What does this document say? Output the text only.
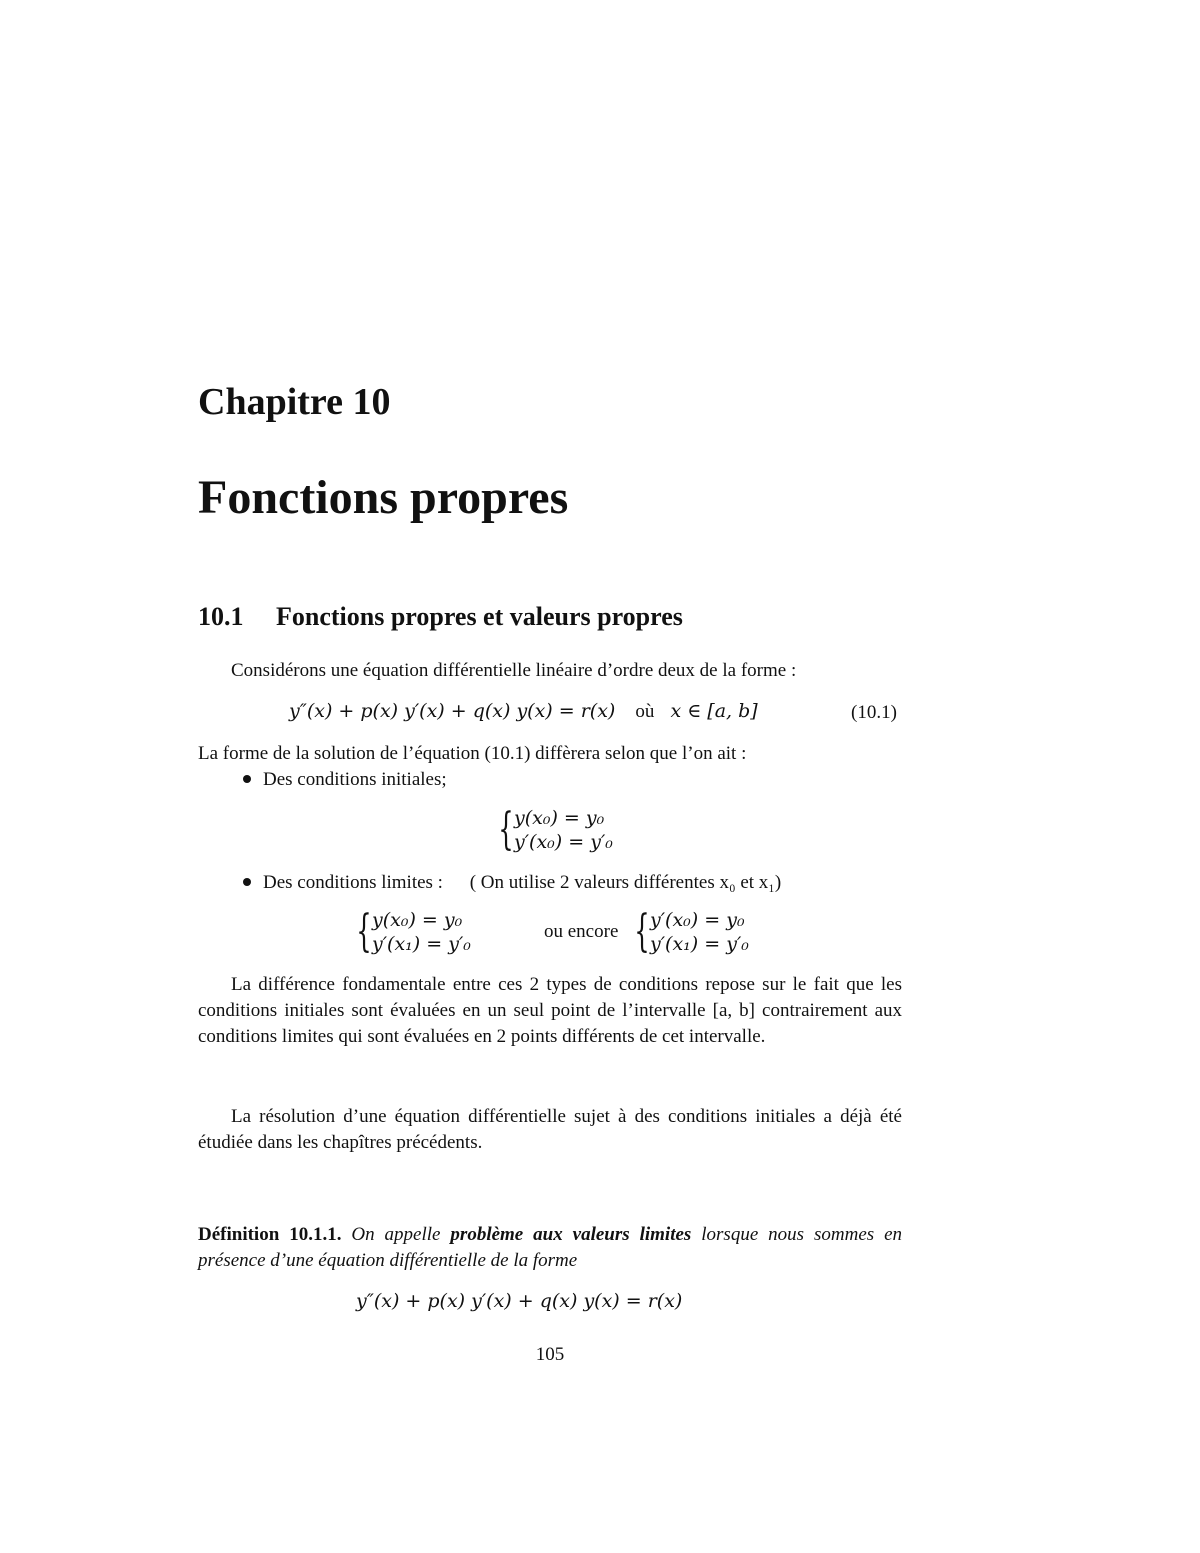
Chapitre 10
Fonctions propres
10.1 Fonctions propres et valeurs propres
Considérons une équation différentielle linéaire d’ordre deux de la forme :
y″(x) + p(x) y′(x) + q(x) y(x) = r(x) où x ∈ [a, b]	(10.1)
La forme de la solution de l’équation (10.1) diffèrera selon que l’on ait :
Des conditions initiales;
{ y(x₀) = y₀
y′(x₀) = y′₀
Des conditions limites : ( On utilise 2 valeurs différentes x₀ et x₁)
{ y(x₀) = y₀
y′(x₁) = y′₀
ou encore { y′(x₀) = y₀
y′(x₁) = y′₀
La différence fondamentale entre ces 2 types de conditions repose sur le fait que les conditions initiales sont évaluées en un seul point de l’intervalle [a, b] contrairement aux conditions limites qui sont évaluées en 2 points différents de cet intervalle.
La résolution d’une équation différentielle sujet à des conditions initiales a déjà été étudiée dans les chapîtres précédents.
Définition 10.1.1. On appelle problème aux valeurs limites lorsque nous sommes en présence d’une équation différentielle de la forme
y″(x) + p(x) y′(x) + q(x) y(x) = r(x)
105
